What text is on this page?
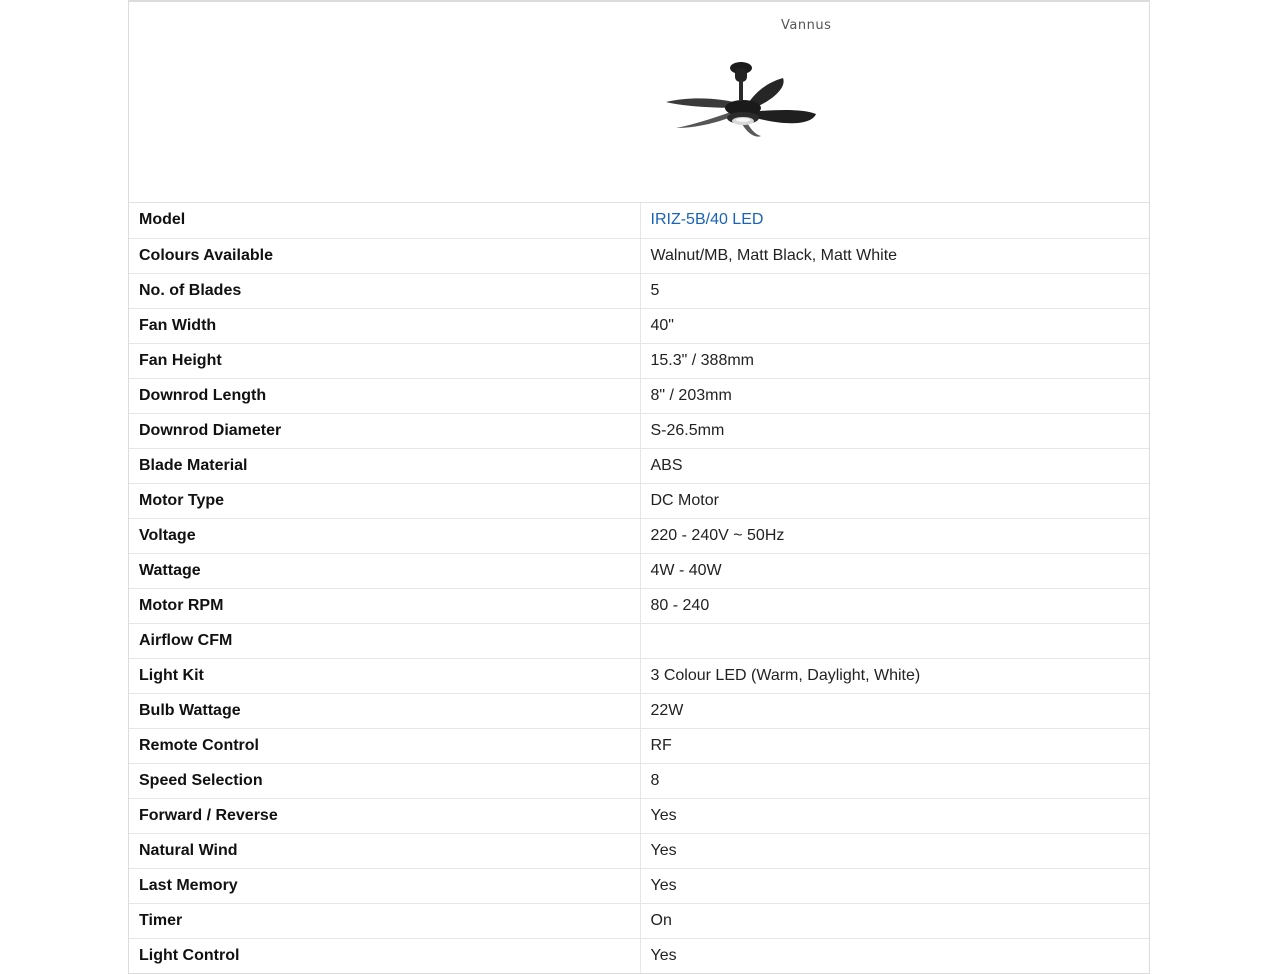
Vannus
Model	IRIZ-5B/40 LED
Colours Available	Walnut/MB, Matt Black, Matt White
No. of Blades	5
Fan Width	40"
Fan Height	15.3" / 388mm
Downrod Length	8" / 203mm
Downrod Diameter	S-26.5mm
Blade Material	ABS
Motor Type	DC Motor
Voltage	220 - 240V ~ 50Hz
Wattage	4W - 40W
Motor RPM	80 - 240
Airflow CFM	
Light Kit	3 Colour LED (Warm, Daylight, White)
Bulb Wattage	22W
Remote Control	RF
Speed Selection	8
Forward / Reverse	Yes
Natural Wind	Yes
Last Memory	Yes
Timer	On
Light Control	Yes
